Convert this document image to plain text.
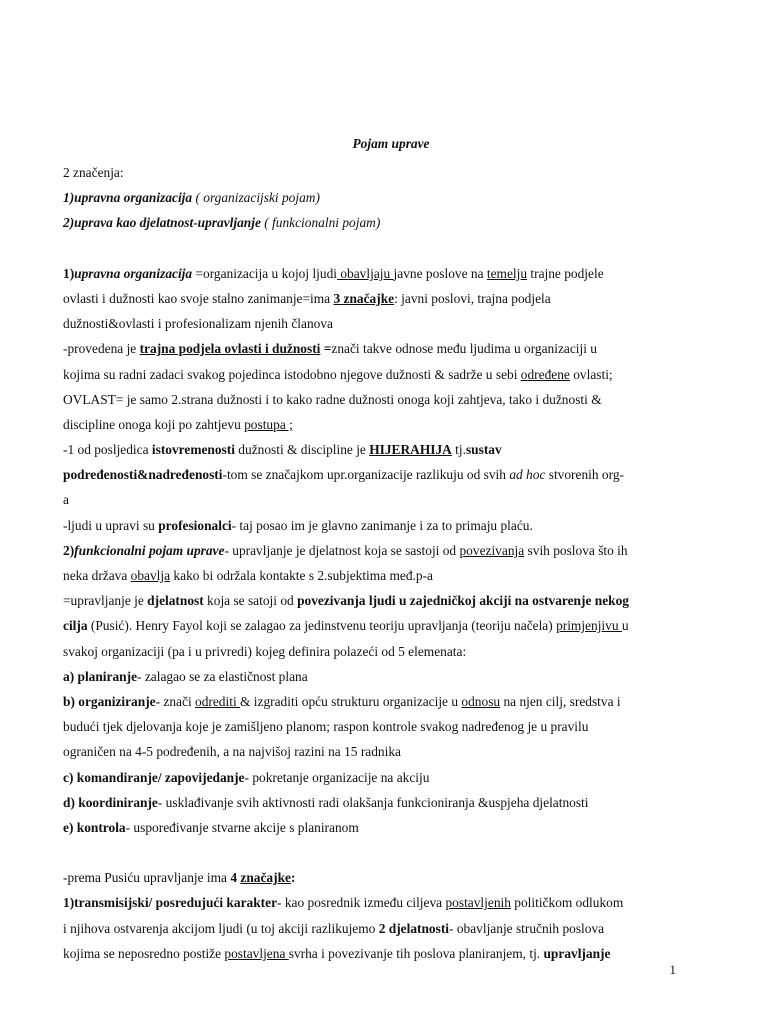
Pojam uprave
2 značenja:
1)upravna organizacija ( organizacijski pojam)
2)uprava kao djelatnost-upravljanje ( funkcionalni pojam)
1)upravna organizacija =organizacija u kojoj ljudi obavljaju javne poslove na temelju trajne podjele
ovlasti i dužnosti kao svoje stalno zanimanje=ima 3 značajke: javni poslovi, trajna podjela
dužnosti&ovlasti i profesionalizam njenih članova
-provedena je trajna podjela ovlasti i dužnosti =znači takve odnose među ljudima u organizaciji u
kojima su radni zadaci svakog pojedinca istodobno njegove dužnosti & sadrže u sebi određene ovlasti;
OVLAST= je samo 2.strana dužnosti i to kako radne dužnosti onoga koji zahtjeva, tako i dužnosti &
discipline onoga koji po zahtjevu postupa ;
-1 od posljedica istovremenosti dužnosti & discipline je HIJERAHIJA tj.sustav
podređenosti&nadređenosti-tom se značajkom upr.organizacije razlikuju od svih ad hoc stvorenih org-
a
-ljudi u upravi su profesionalci- taj posao im je glavno zanimanje i za to primaju plaću.
2)funkcionalni pojam uprave- upravljanje je djelatnost koja se sastoji od povezivanja svih poslova što ih
neka država obavlja kako bi održala kontakte s 2.subjektima međ.p-a
=upravljanje je djelatnost koja se satoji od povezivanja ljudi u zajedničkoj akciji na ostvarenje nekog
cilja (Pusić). Henry Fayol koji se zalagao za jedinstvenu teoriju upravljanja (teoriju načela) primjenjivu u
svakoj organizaciji (pa i u privredi) kojeg definira polazeći od 5 elemenata:
a) planiranje- zalagao se za elastičnost plana
b) organiziranje- znači odrediti & izgraditi opću strukturu organizacije u odnosu na njen cilj, sredstva i
budući tjek djelovanja koje je zamišljeno planom; raspon kontrole svakog nadređenog je u pravilu
ograničen na 4-5 podređenih, a na najvišoj razini na 15 radnika
c) komandiranje/ zapovijedanje- pokretanje organizacije na akciju
d) koordiniranje- usklađivanje svih aktivnosti radi olakšanja funkcioniranja &uspjeha djelatnosti
e) kontrola- uspoređivanje stvarne akcije s planiranom
-prema Pusiću upravljanje ima 4 značajke:
1)transmisijski/ posredujući karakter- kao posrednik između ciljeva postavljenih političkom odlukom
i njihova ostvarenja akcijom ljudi (u toj akciji razlikujemo 2 djelatnosti- obavljanje stručnih poslova
kojima se neposredno postiže postavljena svrha i povezivanje tih poslova planiranjem, tj. upravljanje
1
